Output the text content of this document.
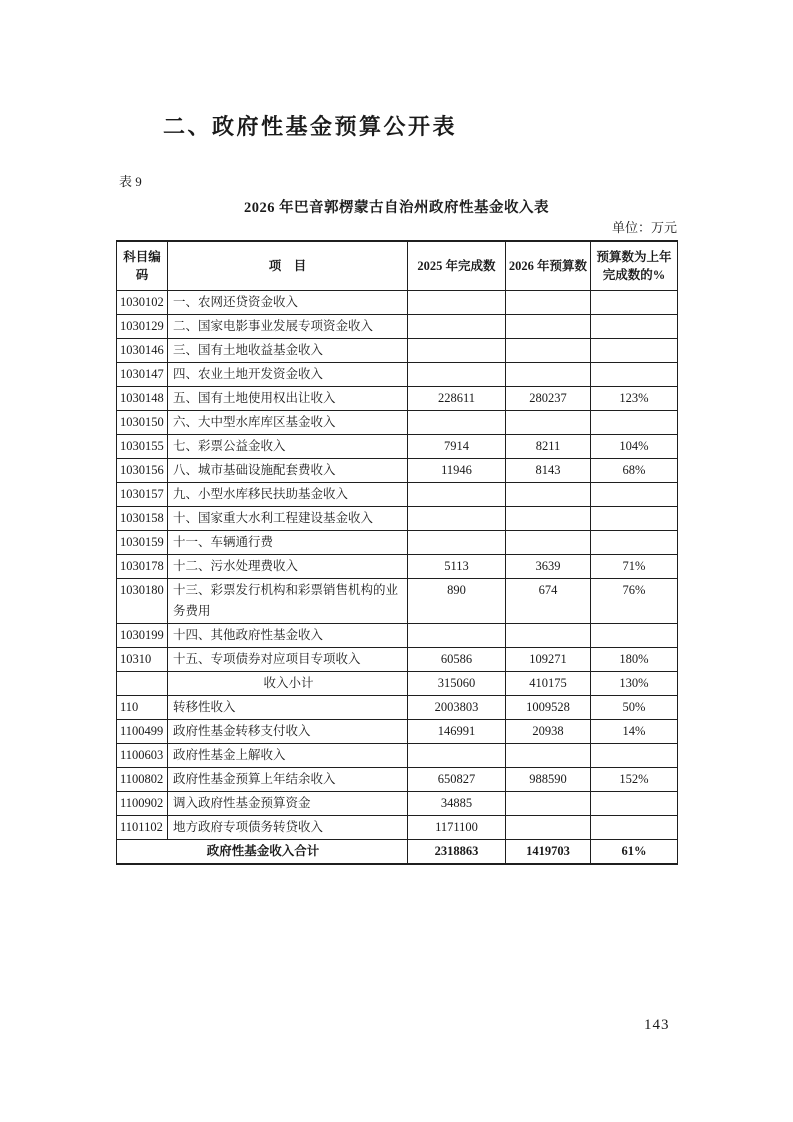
二、政府性基金预算公开表
表 9
2026 年巴音郭楞蒙古自治州政府性基金收入表
单位：万元
科目编码	项　目	2025 年完成数	2026 年预算数	预算数为上年完成数的%
1030102	一、农网还贷资金收入			
1030129	二、国家电影事业发展专项资金收入			
1030146	三、国有土地收益基金收入			
1030147	四、农业土地开发资金收入			
1030148	五、国有土地使用权出让收入	228611	280237	123%
1030150	六、大中型水库库区基金收入			
1030155	七、彩票公益金收入	7914	8211	104%
1030156	八、城市基础设施配套费收入	11946	8143	68%
1030157	九、小型水库移民扶助基金收入			
1030158	十、国家重大水利工程建设基金收入			
1030159	十一、车辆通行费			
1030178	十二、污水处理费收入	5113	3639	71%
1030180	十三、彩票发行机构和彩票销售机构的业务费用	890	674	76%
1030199	十四、其他政府性基金收入			
10310	十五、专项债券对应项目专项收入	60586	109271	180%
	收入小计	315060	410175	130%
110	转移性收入	2003803	1009528	50%
1100499	政府性基金转移支付收入	146991	20938	14%
1100603	政府性基金上解收入			
1100802	政府性基金预算上年结余收入	650827	988590	152%
1100902	调入政府性基金预算资金	34885		
1101102	地方政府专项债务转贷收入	1171100		
政府性基金收入合计		2318863	1419703	61%
143
